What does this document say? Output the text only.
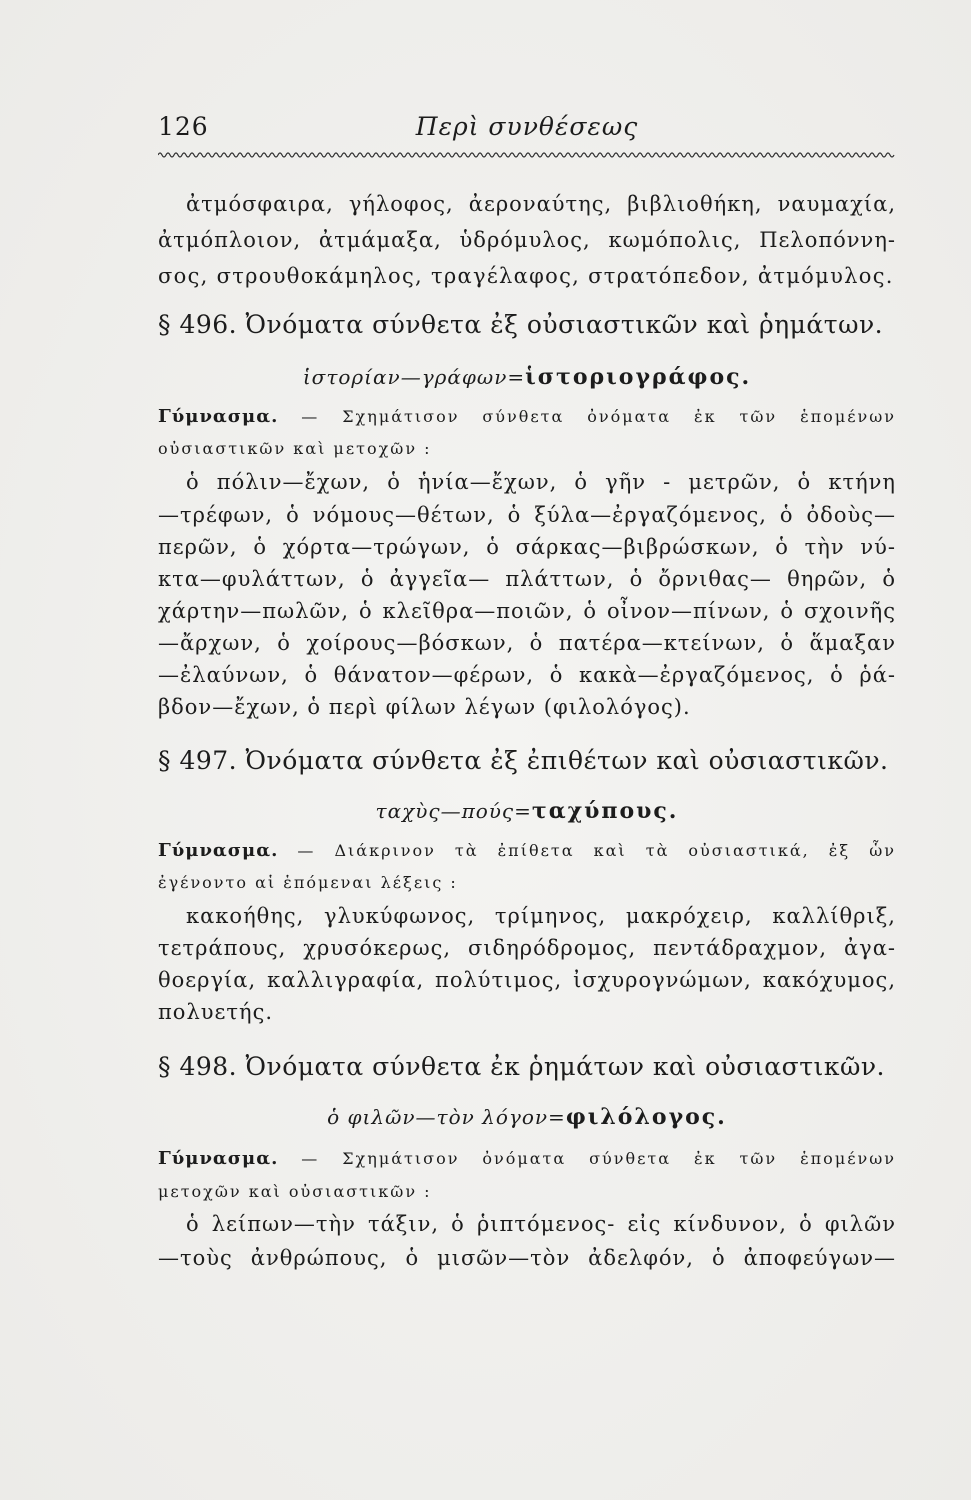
126	Περὶ συνθέσεως
ἀτμόσφαιρα, γήλοφος, ἀεροναύτης, βιβλιοθήκη, ναυμαχία,
ἀτμόπλοιον, ἀτμάμαξα, ὑδρόμυλος, κωμόπολις, Πελοπόννη-
σος, στρουθοκάμηλος, τραγέλαφος, στρατόπεδον, ἀτμόμυλος.
§ 496. Ὀνόματα σύνθετα ἐξ οὐσιαστικῶν καὶ ῥημάτων.
ἱστορίαν—γράφων=ἱστοριογράφος.
Γύμνασμα. — Σχημάτισον σύνθετα ὀνόματα ἐκ τῶν ἑπομένων
οὐσιαστικῶν καὶ μετοχῶν :
ὁ πόλιν—ἔχων, ὁ ἡνία—ἔχων, ὁ γῆν - μετρῶν, ὁ κτήνη
—τρέφων, ὁ νόμους—θέτων, ὁ ξύλα—ἐργαζόμενος, ὁ ὀδοὺς—
περῶν, ὁ χόρτα—τρώγων, ὁ σάρκας—βιβρώσκων, ὁ τὴν νύ-
κτα—φυλάττων, ὁ ἀγγεῖα— πλάττων, ὁ ὄρνιθας— θηρῶν, ὁ
χάρτην—πωλῶν, ὁ κλεῖθρα—ποιῶν, ὁ οἶνον—πίνων, ὁ σχοινῆς
—ἄρχων, ὁ χοίρους—βόσκων, ὁ πατέρα—κτείνων, ὁ ἅμαξαν
—ἐλαύνων, ὁ θάνατον—φέρων, ὁ κακὰ—ἐργαζόμενος, ὁ ῥά-
βδον—ἔχων, ὁ περὶ φίλων λέγων (φιλολόγος).
§ 497. Ὀνόματα σύνθετα ἐξ ἐπιθέτων καὶ οὐσιαστικῶν.
ταχὺς—πούς=ταχύπους.
Γύμνασμα. — Διάκρινον τὰ ἐπίθετα καὶ τὰ οὐσιαστικά, ἐξ ὧν
ἐγένοντο αἱ ἑπόμεναι λέξεις :
κακοήθης, γλυκύφωνος, τρίμηνος, μακρόχειρ, καλλίθριξ,
τετράπους, χρυσόκερως, σιδηρόδρομος, πεντάδραχμον, ἀγα-
θοεργία, καλλιγραφία, πολύτιμος, ἰσχυρογνώμων, κακόχυμος,
πολυετής.
§ 498. Ὀνόματα σύνθετα ἐκ ῥημάτων καὶ οὐσιαστικῶν.
ὁ φιλῶν—τὸν λόγον=φιλόλογος.
Γύμνασμα. — Σχημάτισον ὀνόματα σύνθετα ἐκ τῶν ἑπομένων
μετοχῶν καὶ οὐσιαστικῶν :
ὁ λείπων—τὴν τάξιν, ὁ ῥιπτόμενος- εἰς κίνδυνον, ὁ φιλῶν
—τοὺς ἀνθρώπους, ὁ μισῶν—τὸν ἀδελφόν, ὁ ἀποφεύγων—
